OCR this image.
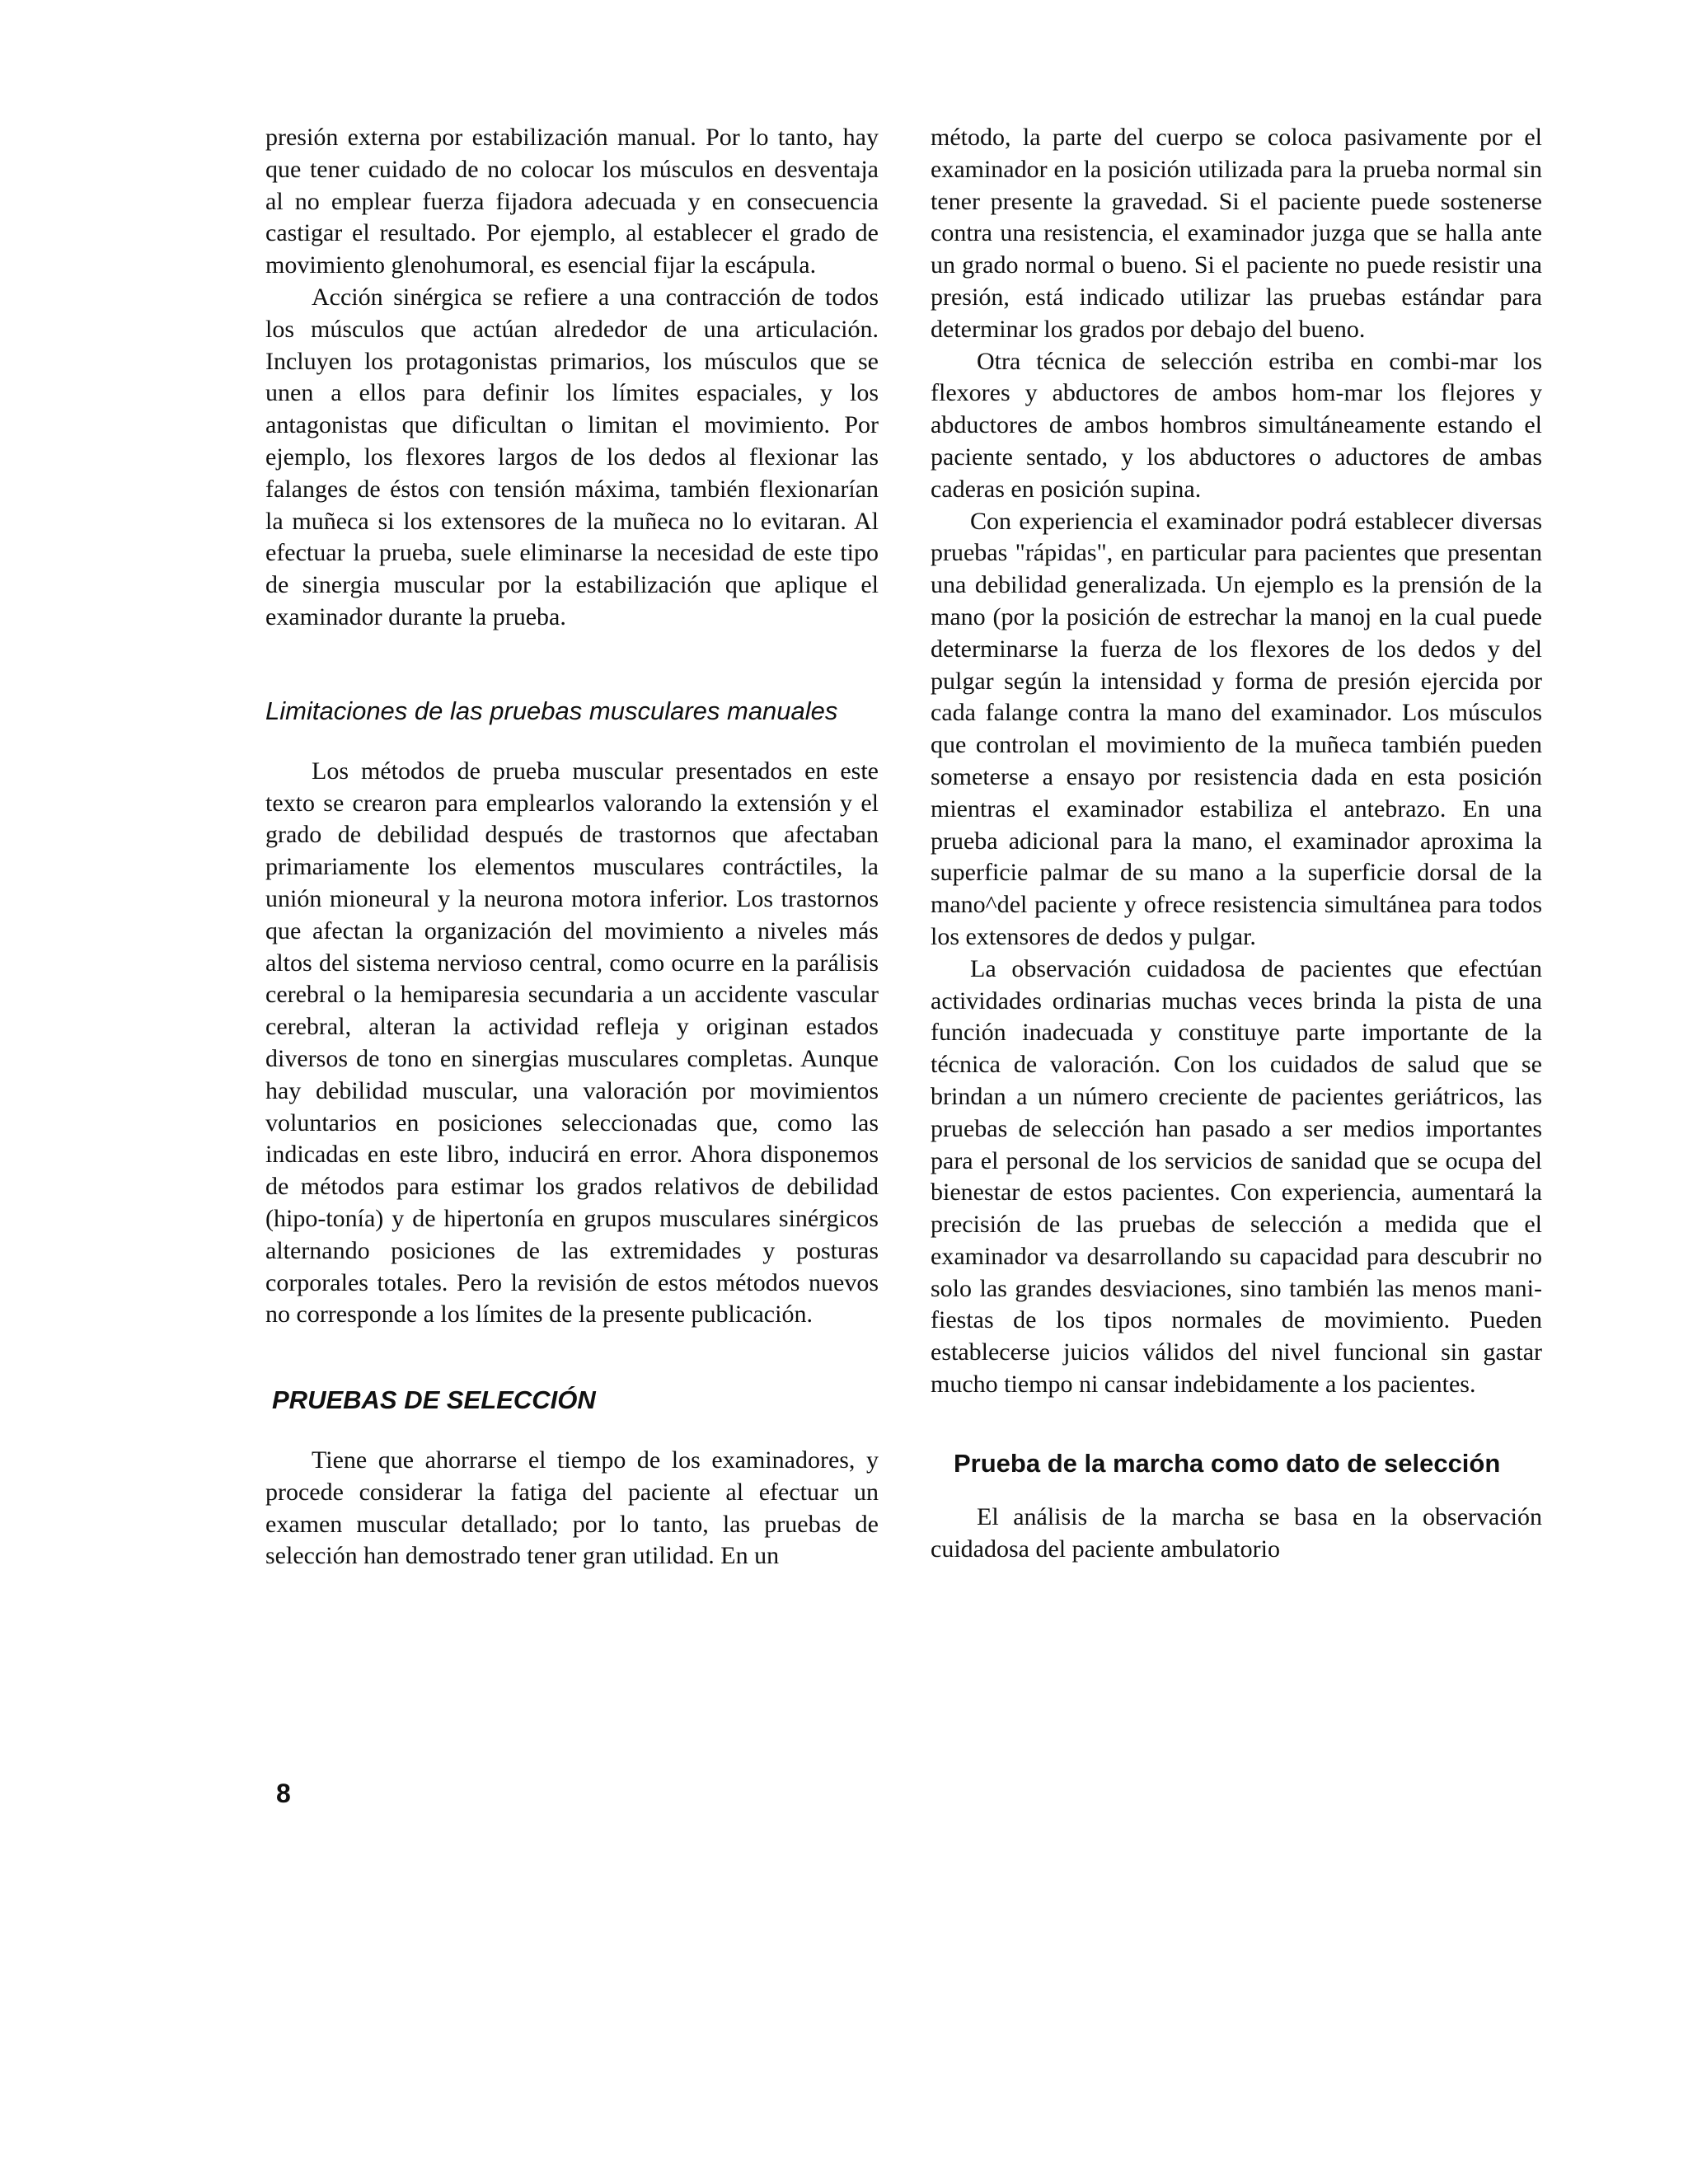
presión externa por estabilización manual. Por lo tanto, hay que tener cuidado de no colocar los músculos en desventaja al no emplear fuerza fijadora adecuada y en consecuencia castigar el resultado. Por ejemplo, al establecer el grado de movimiento glenohumoral, es esencial fijar la escápula.

Acción sinérgica se refiere a una contracción de todos los músculos que actúan alrededor de una articulación. Incluyen los protagonistas primarios, los músculos que se unen a ellos para definir los límites espaciales, y los antagonistas que dificultan o limitan el movimiento. Por ejemplo, los flexores largos de los dedos al flexionar las falanges de éstos con tensión máxima, también flexionarían la muñeca si los extensores de la muñeca no lo evitaran. Al efectuar la prueba, suele eliminarse la necesidad de este tipo de sinergia muscular por la estabilización que aplique el examinador durante la prueba.

Limitaciones de las pruebas musculares manuales

Los métodos de prueba muscular presentados en este texto se crearon para emplearlos valorando la extensión y el grado de debilidad después de trastornos que afectaban primariamente los elementos musculares contráctiles, la unión mioneural y la neurona motora inferior. Los trastornos que afectan la organización del movimiento a niveles más altos del sistema nervioso central, como ocurre en la parálisis cerebral o la hemiparesia secundaria a un accidente vascular cerebral, alteran la actividad refleja y originan estados diversos de tono en sinergias musculares completas. Aunque hay debilidad muscular, una valoración por movimientos voluntarios en posiciones seleccionadas que, como las indicadas en este libro, inducirá en error. Ahora disponemos de métodos para estimar los grados relativos de debilidad (hipo-tonía) y de hipertonía en grupos musculares sinérgicos alternando posiciones de las extremidades y posturas corporales totales. Pero la revisión de estos métodos nuevos no corresponde a los límites de la presente publicación.

PRUEBAS DE SELECCIÓN

Tiene que ahorrarse el tiempo de los examinadores, y procede considerar la fatiga del paciente al efectuar un examen muscular detallado; por lo tanto, las pruebas de selección han demostrado tener gran utilidad. En un

método, la parte del cuerpo se coloca pasivamente por el examinador en la posición utilizada para la prueba normal sin tener presente la gravedad. Si el paciente puede sostenerse contra una resistencia, el examinador juzga que se halla ante un grado normal o bueno. Si el paciente no puede resistir una presión, está indicado utilizar las pruebas estándar para determinar los grados por debajo del bueno.

Otra técnica de selección estriba en combi-mar los flexores y abductores de ambos hom-mar los flejores y abductores de ambos hombros simultáneamente estando el paciente sentado, y los abductores o aductores de ambas caderas en posición supina.

Con experiencia el examinador podrá establecer diversas pruebas "rápidas", en particular para pacientes que presentan una debilidad generalizada. Un ejemplo es la prensión de la mano (por la posición de estrechar la manoj en la cual puede determinarse la fuerza de los flexores de los dedos y del pulgar según la intensidad y forma de presión ejercida por cada falange contra la mano del examinador. Los músculos que controlan el movimiento de la muñeca también pueden someterse a ensayo por resistencia dada en esta posición mientras el examinador estabiliza el antebrazo. En una prueba adicional para la mano, el examinador aproxima la superficie palmar de su mano a la superficie dorsal de la mano^del paciente y ofrece resistencia simultánea para todos los extensores de dedos y pulgar.

La observación cuidadosa de pacientes que efectúan actividades ordinarias muchas veces brinda la pista de una función inadecuada y constituye parte importante de la técnica de valoración. Con los cuidados de salud que se brindan a un número creciente de pacientes geriátricos, las pruebas de selección han pasado a ser medios importantes para el personal de los servicios de sanidad que se ocupa del bienestar de estos pacientes. Con experiencia, aumentará la precisión de las pruebas de selección a medida que el examinador va desarrollando su capacidad para descubrir no solo las grandes desviaciones, sino también las menos mani-fiestas de los tipos normales de movimiento. Pueden establecerse juicios válidos del nivel funcional sin gastar mucho tiempo ni cansar indebidamente a los pacientes.

Prueba de la marcha como dato de selección

El análisis de la marcha se basa en la observación cuidadosa del paciente ambulatorio

8
